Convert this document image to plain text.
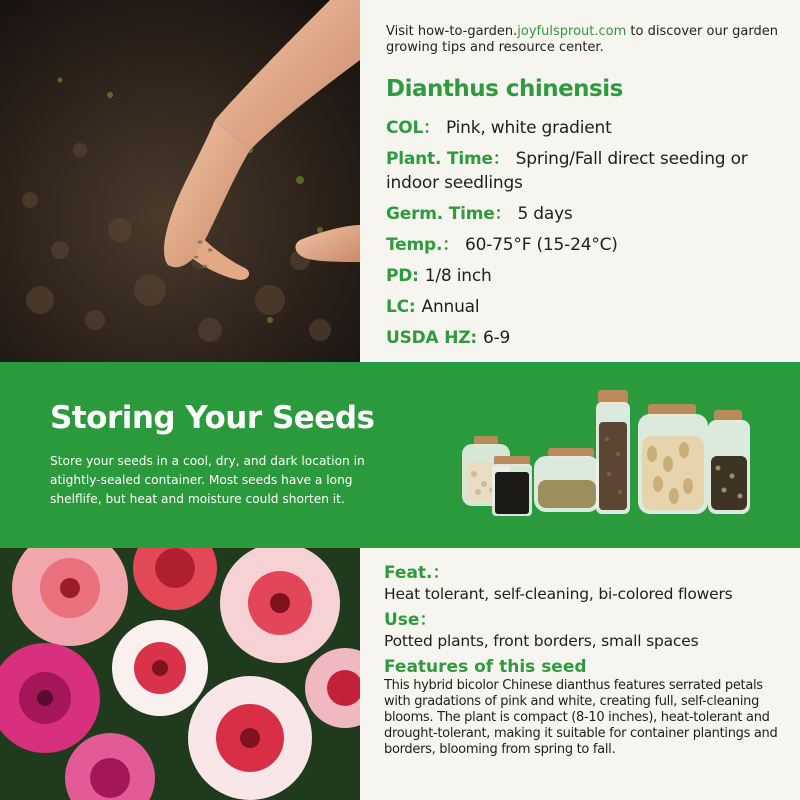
Visit how-to-garden.joyfulsprout.com to discover our garden growing tips and resource center.

Dianthus chinensis
COL： Pink, white gradient
Plant. Time： Spring/Fall direct seeding or indoor seedlings
Germ. Time： 5 days
Temp.： 60-75°F (15-24°C)
PD: 1/8 inch
LC: Annual
USDA HZ: 6-9
Storing Your Seeds

Store your seeds in a cool, dry, and dark location in atightly-sealed container. Most seeds have a long shelflife, but heat and moisture could shorten it.

Feat.：
Heat tolerant, self-cleaning, bi-colored flowers
Use：
Potted plants, front borders, small spaces
Features of this seed

This hybrid bicolor Chinese dianthus features serrated petals with gradations of pink and white, creating full, self-cleaning blooms. The plant is compact (8-10 inches), heat-tolerant and drought-tolerant, making it suitable for container plantings and borders, blooming from spring to fall.
